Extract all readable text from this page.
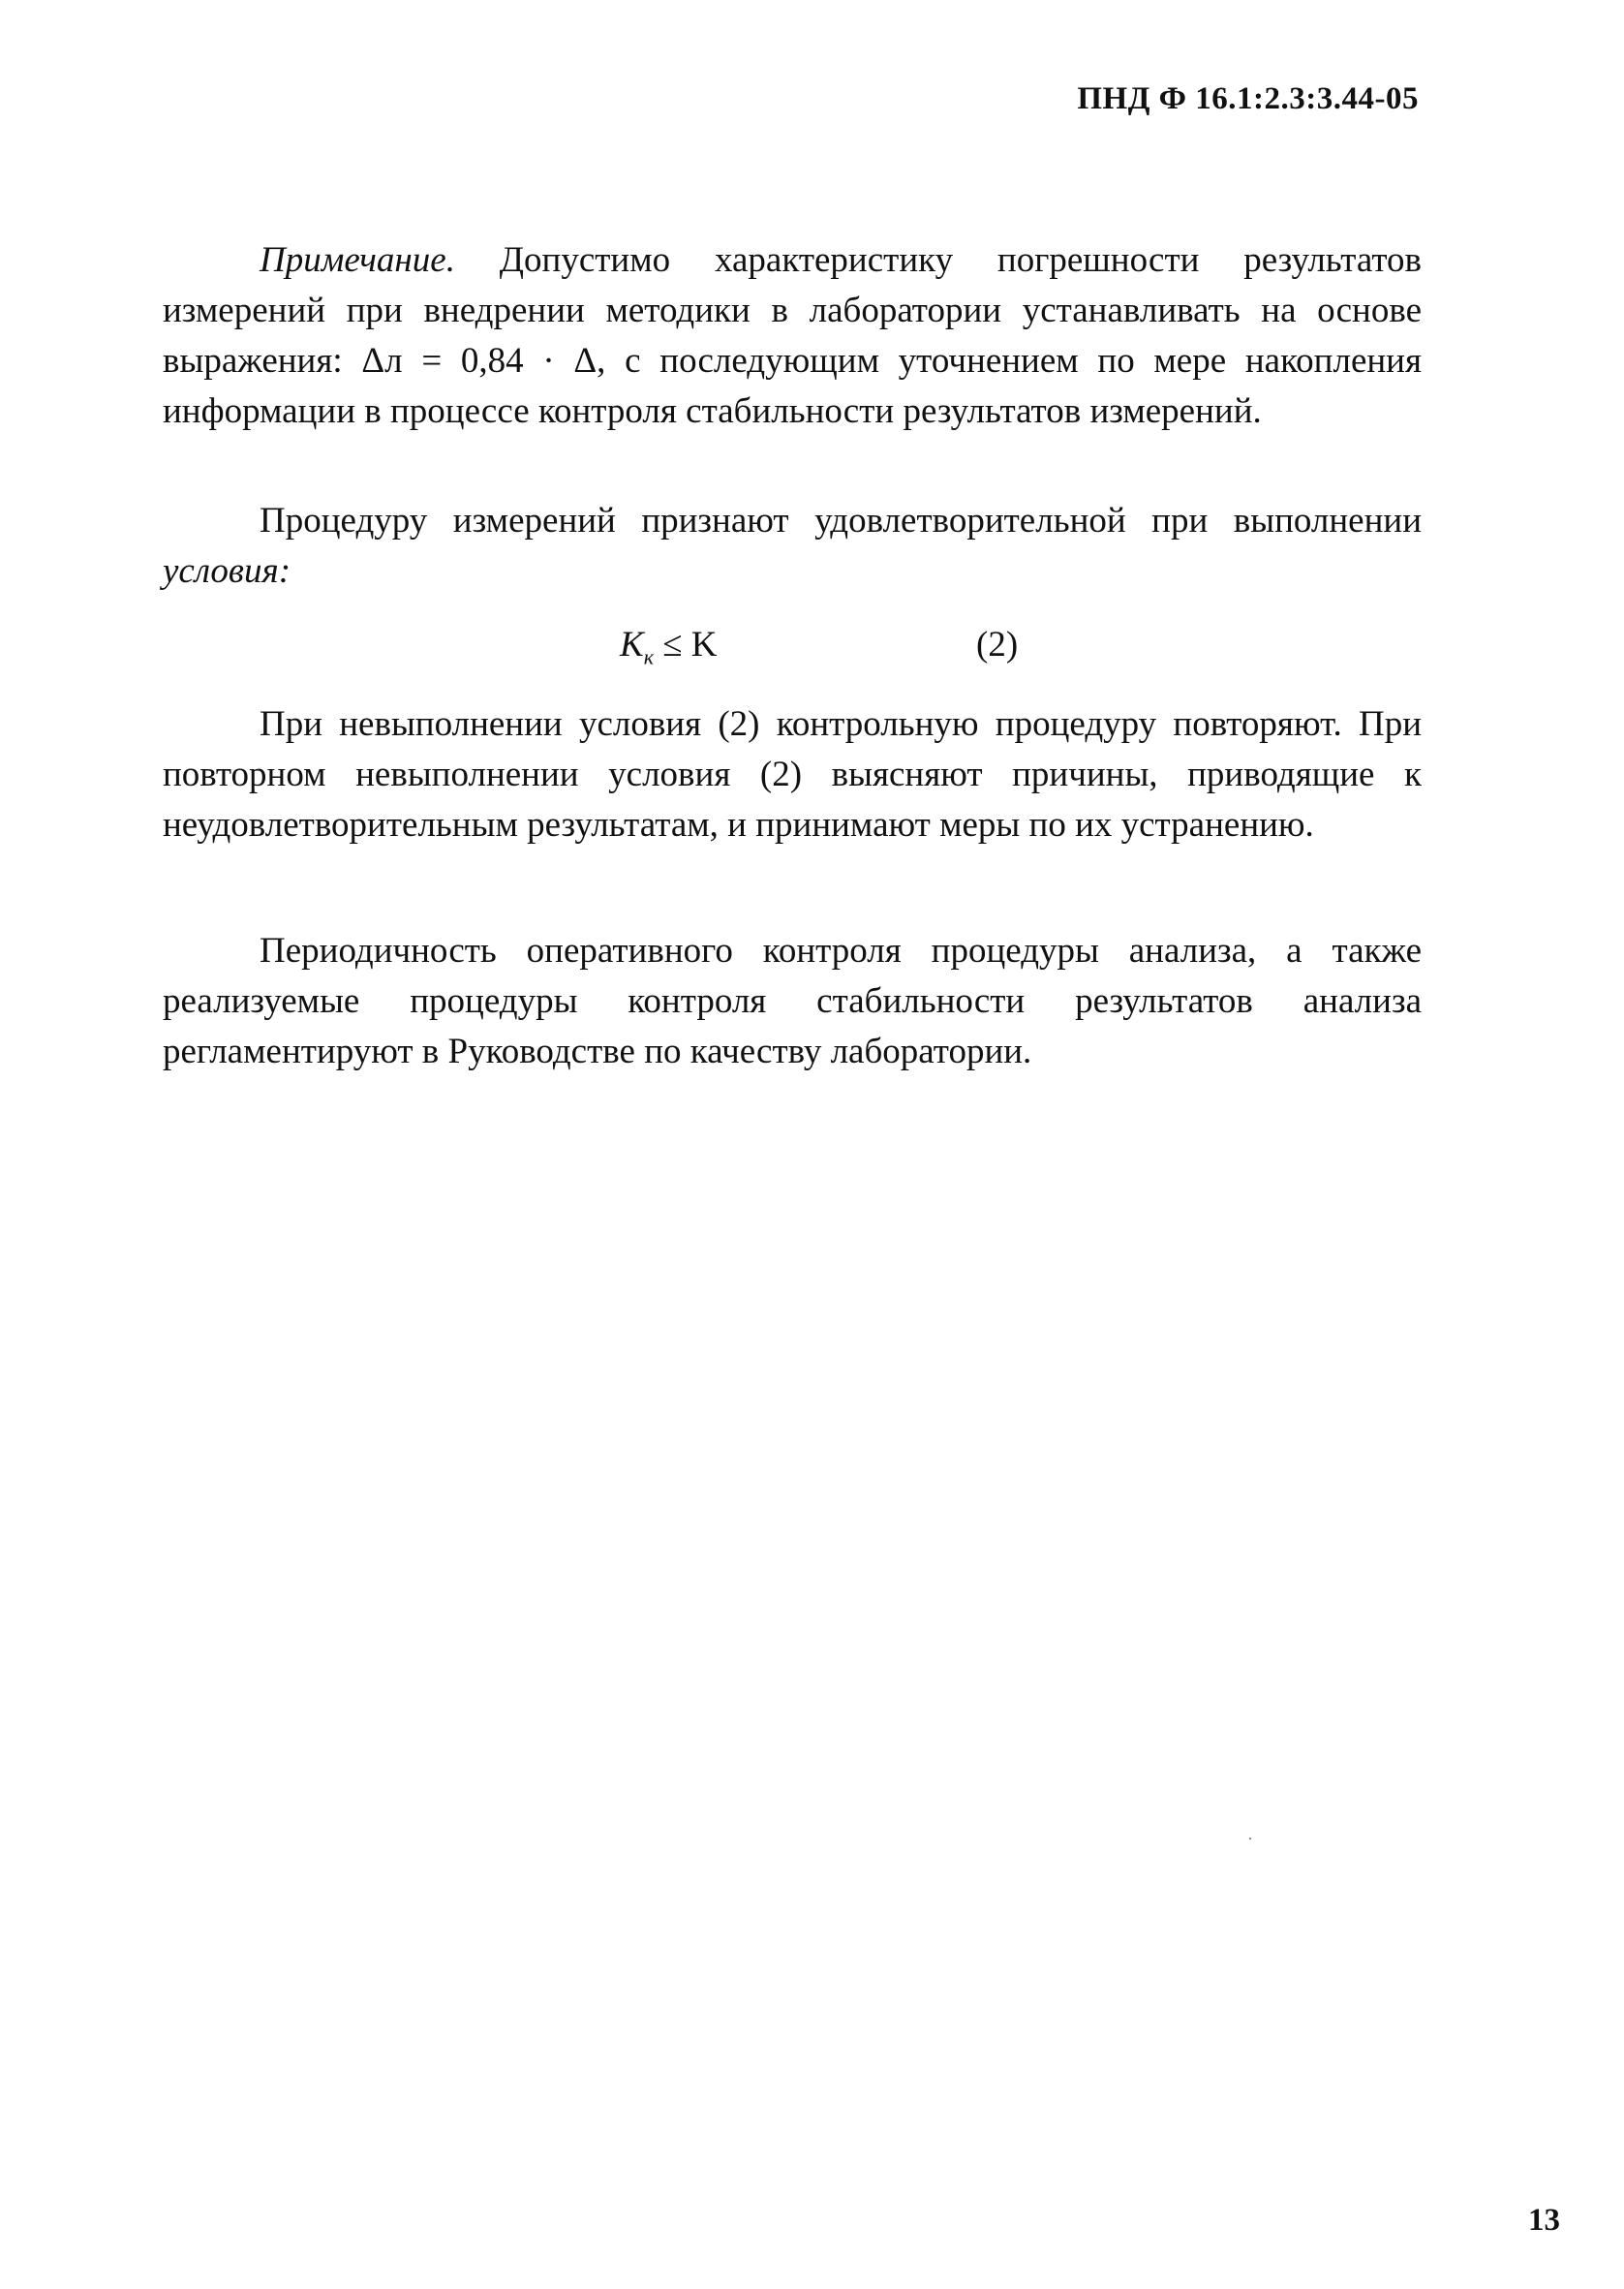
ПНД Ф 16.1:2.3:3.44-05

Примечание. Допустимо характеристику погрешности результатов измерений при внедрении методики в лаборатории устанавливать на основе выражения: Δл = 0,84 · Δ, с последующим уточнением по мере накопления информации в процессе контроля стабильности результатов измерений.

Процедуру измерений признают удовлетворительной при выполнении условия:

$K_к \le K$	(2)

При невыполнении условия (2) контрольную процедуру повторяют. При повторном невыполнении условия (2) выясняют причины, приводящие к неудовлетворительным результатам, и принимают меры по их устранению.

Периодичность оперативного контроля процедуры анализа, а также реализуемые процедуры контроля стабильности результатов анализа регламентируют в Руководстве по качеству лаборатории.

13
